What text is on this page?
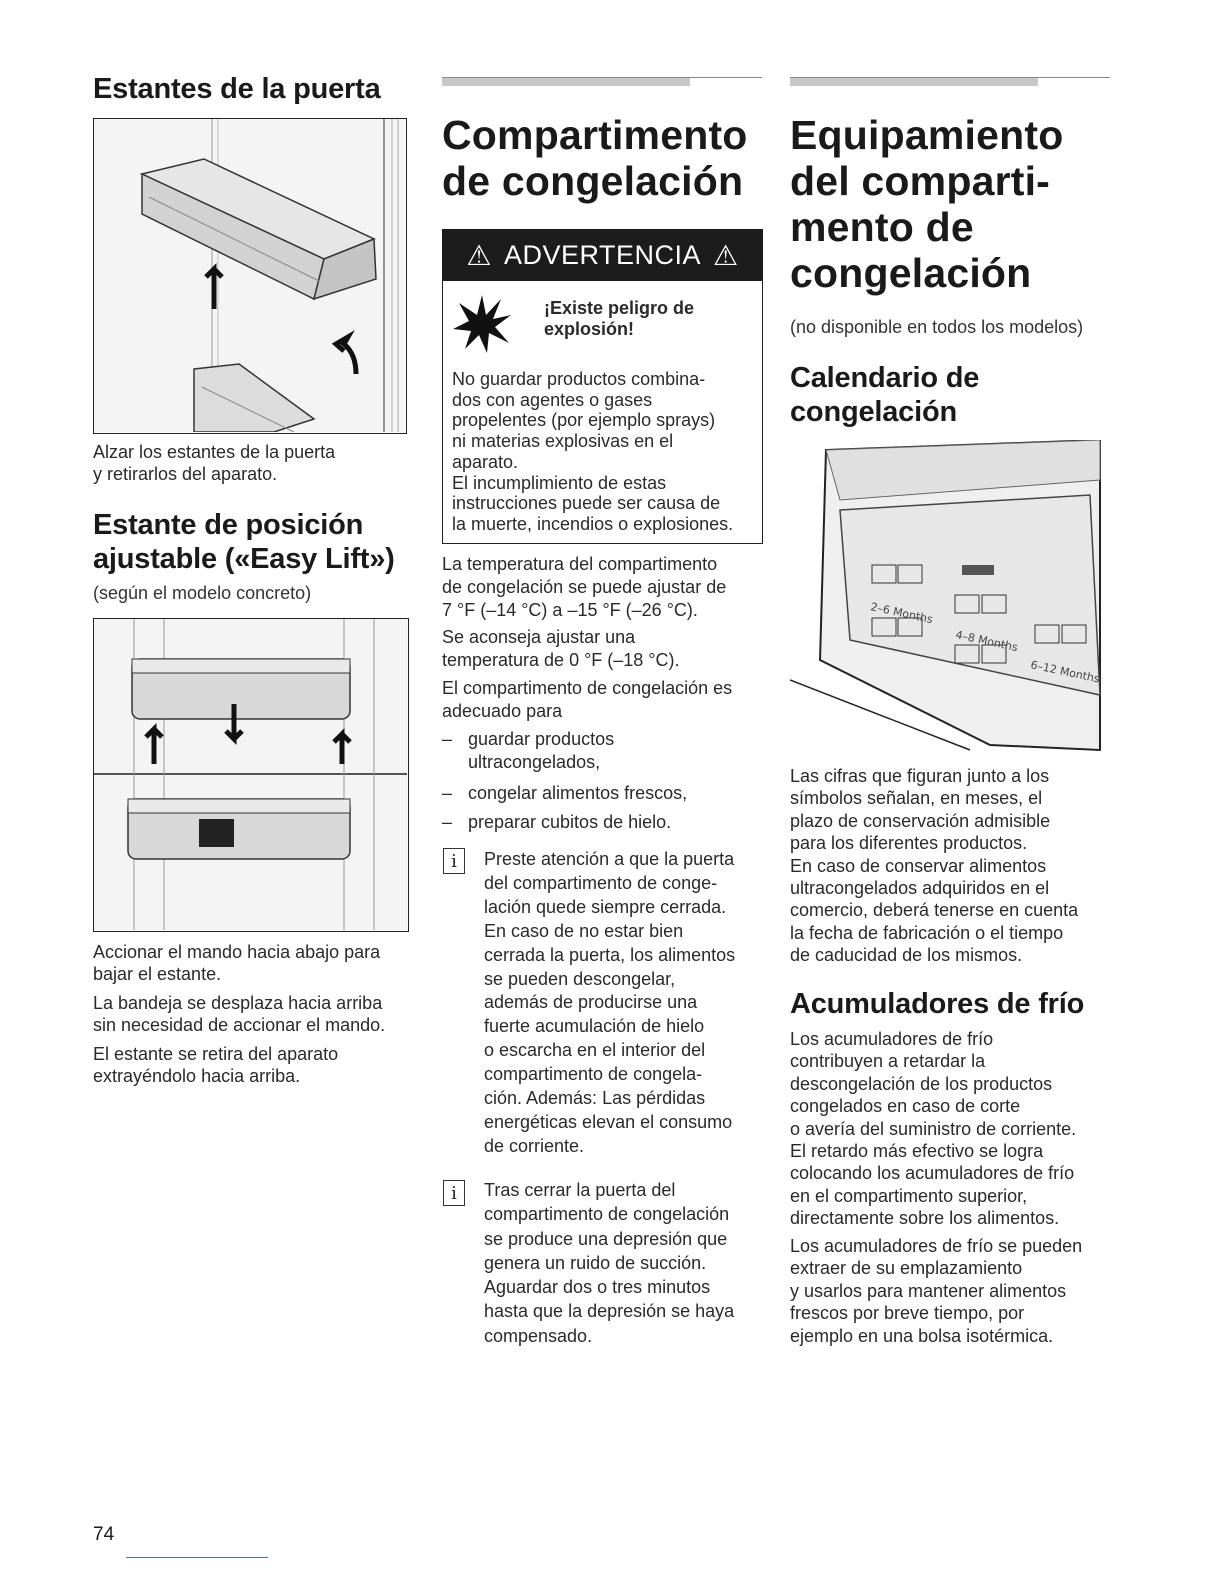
Estantes de la puerta

Alzar los estantes de la puerta

y retirarlos del aparato.

Estante de posición
ajustable («Easy Lift»)

(según el modelo concreto)

Accionar el mando hacia abajo para

bajar el estante.

La bandeja se desplaza hacia arriba

sin necesidad de accionar el mando.

El estante se retira del aparato

extrayéndolo hacia arriba.

Compartimento
de congelación
⚠ ADVERTENCIA ⚠

¡Existe peligro de

explosión!

No guardar productos combina-
dos con agentes o gases
propelentes (por ejemplo sprays)
ni materias explosivas en el
aparato.
El incumplimiento de estas
instrucciones puede ser causa de
la muerte, incendios o explosiones.

La temperatura del compartimento

de congelación se puede ajustar de

7 °F (–14 °C) a –15 °F (–26 °C).

Se aconseja ajustar una

temperatura de 0 °F (–18 °C).

El compartimento de congelación es

adecuado para

– guardar productos

ultracongelados,

– congelar alimentos frescos,

– preparar cubitos de hielo.

i	Preste atención a que la puerta
del compartimento de conge-
lación quede siempre cerrada.
En caso de no estar bien
cerrada la puerta, los alimentos
se pueden descongelar,
además de producirse una
fuerte acumulación de hielo
o escarcha en el interior del
compartimento de congela-
ción. Además: Las pérdidas
energéticas elevan el consumo
de corriente.
i	Tras cerrar la puerta del
compartimento de congelación
se produce una depresión que
genera un ruido de succión.
Aguardar dos o tres minutos
hasta que la depresión se haya
compensado.
Equipamiento
del comparti-
mento de
congelación

(no disponible en todos los modelos)

Calendario de
congelación
2–6 Months
4–8 Months
6–12 Months
Las cifras que figuran junto a los
símbolos señalan, en meses, el
plazo de conservación admisible
para los diferentes productos.
En caso de conservar alimentos
ultracongelados adquiridos en el
comercio, deberá tenerse en cuenta
la fecha de fabricación o el tiempo
de caducidad de los mismos.
Acumuladores de frío
Los acumuladores de frío
contribuyen a retardar la
descongelación de los productos
congelados en caso de corte
o avería del suministro de corriente.
El retardo más efectivo se logra
colocando los acumuladores de frío
en el compartimento superior,
directamente sobre los alimentos.
Los acumuladores de frío se pueden
extraer de su emplazamiento
y usarlos para mantener alimentos
frescos por breve tiempo, por
ejemplo en una bolsa isotérmica.
74
